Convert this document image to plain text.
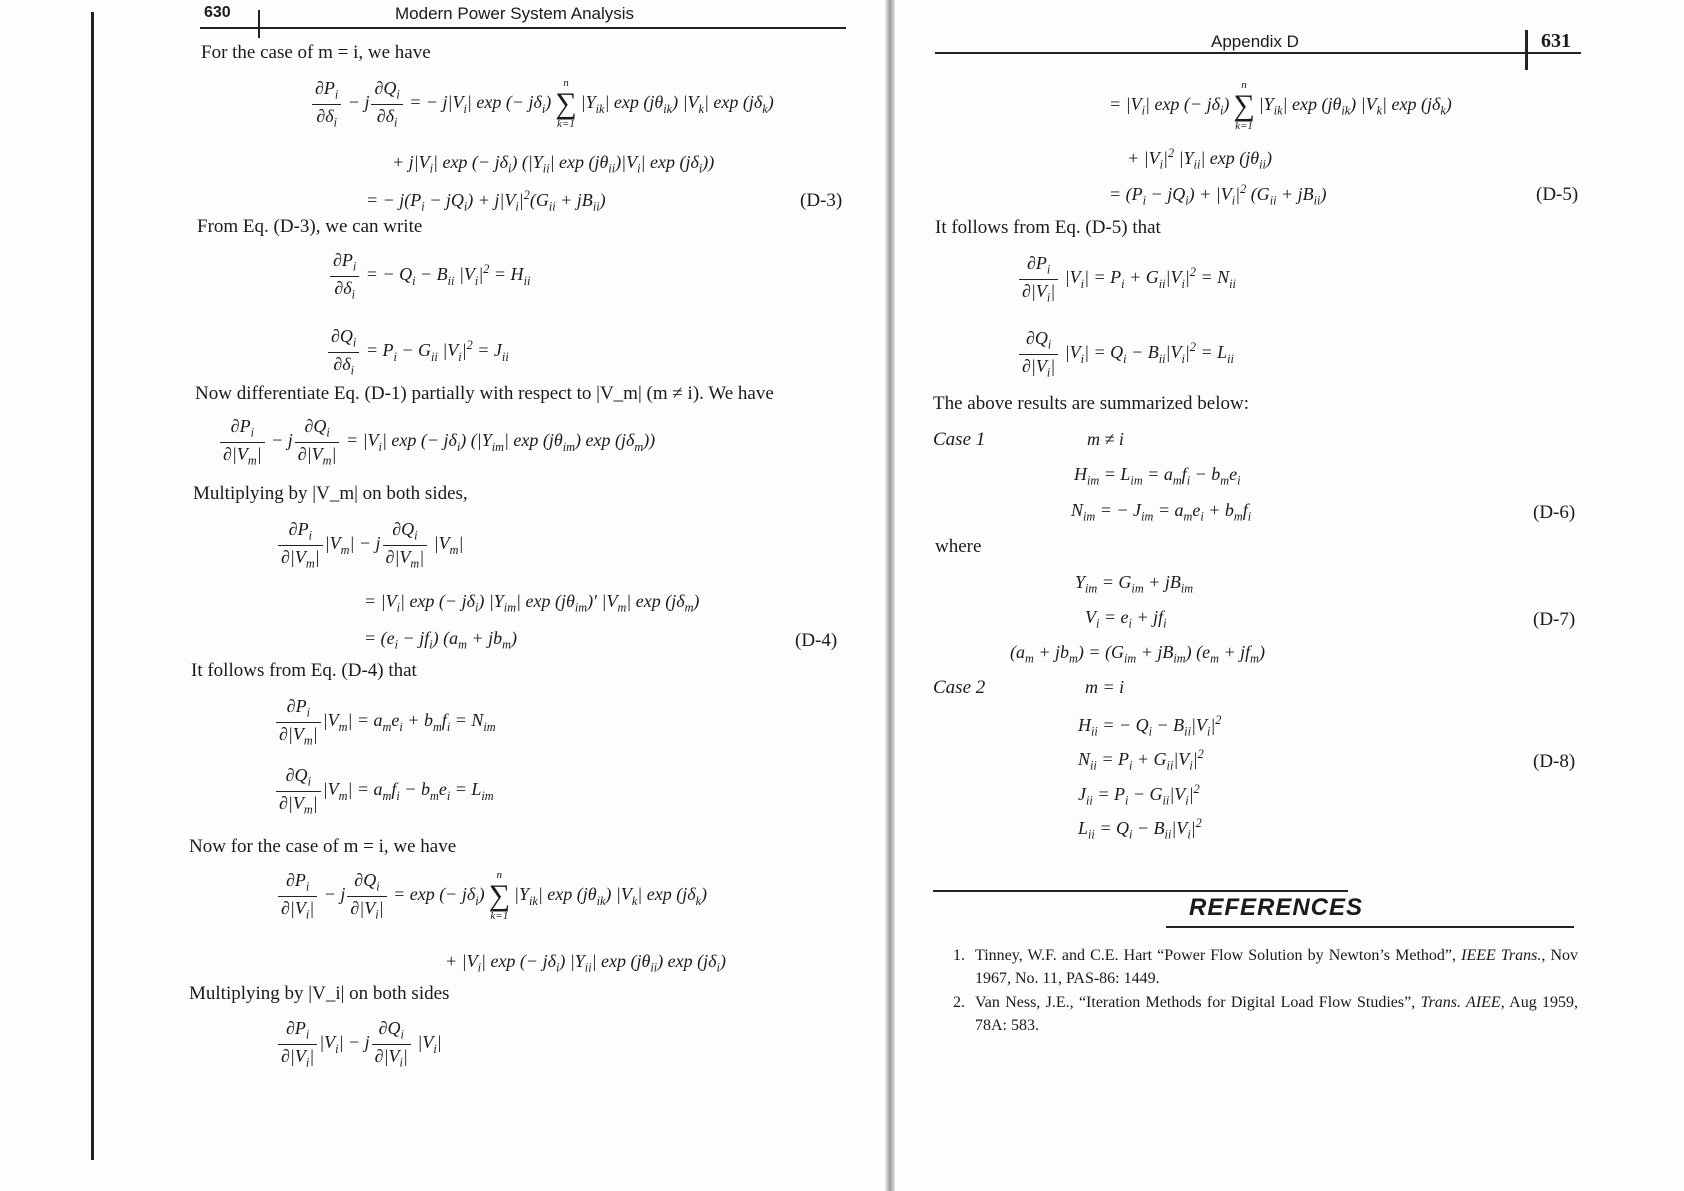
630	Modern Power System Analysis
For the case of m = i, we have
$\frac{\partial P_i}{\partial\delta_i} - j \frac{\partial Q_i}{\partial\delta_i}$ = − $j|V_i|$ exp (− $j\delta_i$)
n
∑
k=1
$|Y_{ik}|$ $\exp (j\theta_{ik})$ $|V_k|$ $\exp (j\delta_k)$
+ $j|V_i|$ exp (− $j\delta_i$) ($|Y_{ii}|$ $\exp (j\theta_{ii})|V_i|$ $\exp (j\delta_i)$)
= − $j(P_i - jQ_i) + j|V_i|^2(G_{ii} + jB_{ii})$	(D-3)
From Eq. (D-3), we can write
$\frac{\partial P_i}{\partial\delta_i}$ = − $Q_i - B_{ii}$ $|V_i|^2 = H_{ii}$
$\frac{\partial Q_i}{\partial\delta_i} = P_i - G_{ii}$ $|V_i|^2 = J_{ii}$
Now differentiate Eq. (D-1) partially with respect to |V_m| (m ≠ i). We have
$\frac{\partial P_i}{\partial|V_m|} - j \frac{\partial Q_i}{\partial|V_m|} = |V_i|$ exp (− $j\delta_i$) ($|Y_{im}|$ $\exp (j\theta_{im})$ $\exp (j\delta_m)$)
Multiplying by |V_m| on both sides,
$\frac{\partial P_i}{\partial|V_m|} |V_m| - j \frac{\partial Q_i}{\partial|V_m|} |V_m|$
= $|V_i|$ exp (− $j\delta_i$) $|Y_{im}|$ $\exp (j\theta_{im})'$ $|V_m|$ $\exp (j\delta_m)$
= $(e_i - jf_i) (a_m + jb_m)$	(D-4)
It follows from Eq. (D-4) that
$\frac{\partial P_i}{\partial|V_m|} |V_m| = a_me_i + b_mf_i = N_{im}$
$\frac{\partial Q_i}{\partial|V_m|} |V_m| = a_mf_i - b_me_i = L_{im}$
Now for the case of m = i, we have
$\frac{\partial P_i}{\partial|V_i|} - j \frac{\partial Q_i}{\partial|V_i|} = \exp$ (− $j\delta_i$)
n
∑
k=1
$|Y_{ik}|$ $\exp (j\theta_{ik})$ $|V_k|$ $\exp (j\delta_k)$
+ $|V_i|$ exp (− $j\delta_i$) $|Y_{ii}|$ $\exp (j\theta_{ii})$ $\exp (j\delta_i)$
Multiplying by |V_i| on both sides
$\frac{\partial P_i}{\partial|V_i|} |V_i| - j \frac{\partial Q_i}{\partial|V_i|} |V_i|$
Appendix D	631
= $|V_i|$ exp (− $j\delta_i$)
n
∑
k=1
$|Y_{ik}|$ $\exp (j\theta_{ik})$ $|V_k|$ $\exp (j\delta_k)$
+ $|V_i|^2$ $|Y_{ii}|$ $\exp (j\theta_{ii})$
= $(P_i - jQ_i) + |V_i|^2$ $(G_{ii} + jB_{ii})$	(D-5)
It follows from Eq. (D-5) that
$\frac{\partial P_i}{\partial|V_i|} |V_i| = P_i + G_{ii}|V_i|^2 = N_{ii}$
$\frac{\partial Q_i}{\partial|V_i|} |V_i| = Q_i - B_{ii}|V_i|^2 = L_{ii}$
The above results are summarized below:
Case 1	m ≠ i
$H_{im} = L_{im} = a_mf_i - b_me_i$
$N_{im}$ = − $J_{im} = a_me_i + b_mf_i$	(D-6)
where
$Y_{im} = G_{im} + jB_{im}$
$V_i = e_i + jf_i$	(D-7)
$(a_m + jb_m) = (G_{im} + jB_{im}) (e_m + jf_m)$
Case 2	m = i
$H_{ii}$ = − $Q_i - B_{ii}|V_i|^2$
$N_{ii} = P_i + G_{ii}|V_i|^2$	(D-8)
$J_{ii} = P_i - G_{ii}|V_i|^2$
$L_{ii} = Q_i - B_{ii}|V_i|^2$
REFERENCES
1. Tinney, W.F. and C.E. Hart “Power Flow Solution by Newton’s Method”, IEEE Trans., Nov 1967, No. 11, PAS-86: 1449.
2. Van Ness, J.E., “Iteration Methods for Digital Load Flow Studies”, Trans. AIEE, Aug 1959, 78A: 583.
